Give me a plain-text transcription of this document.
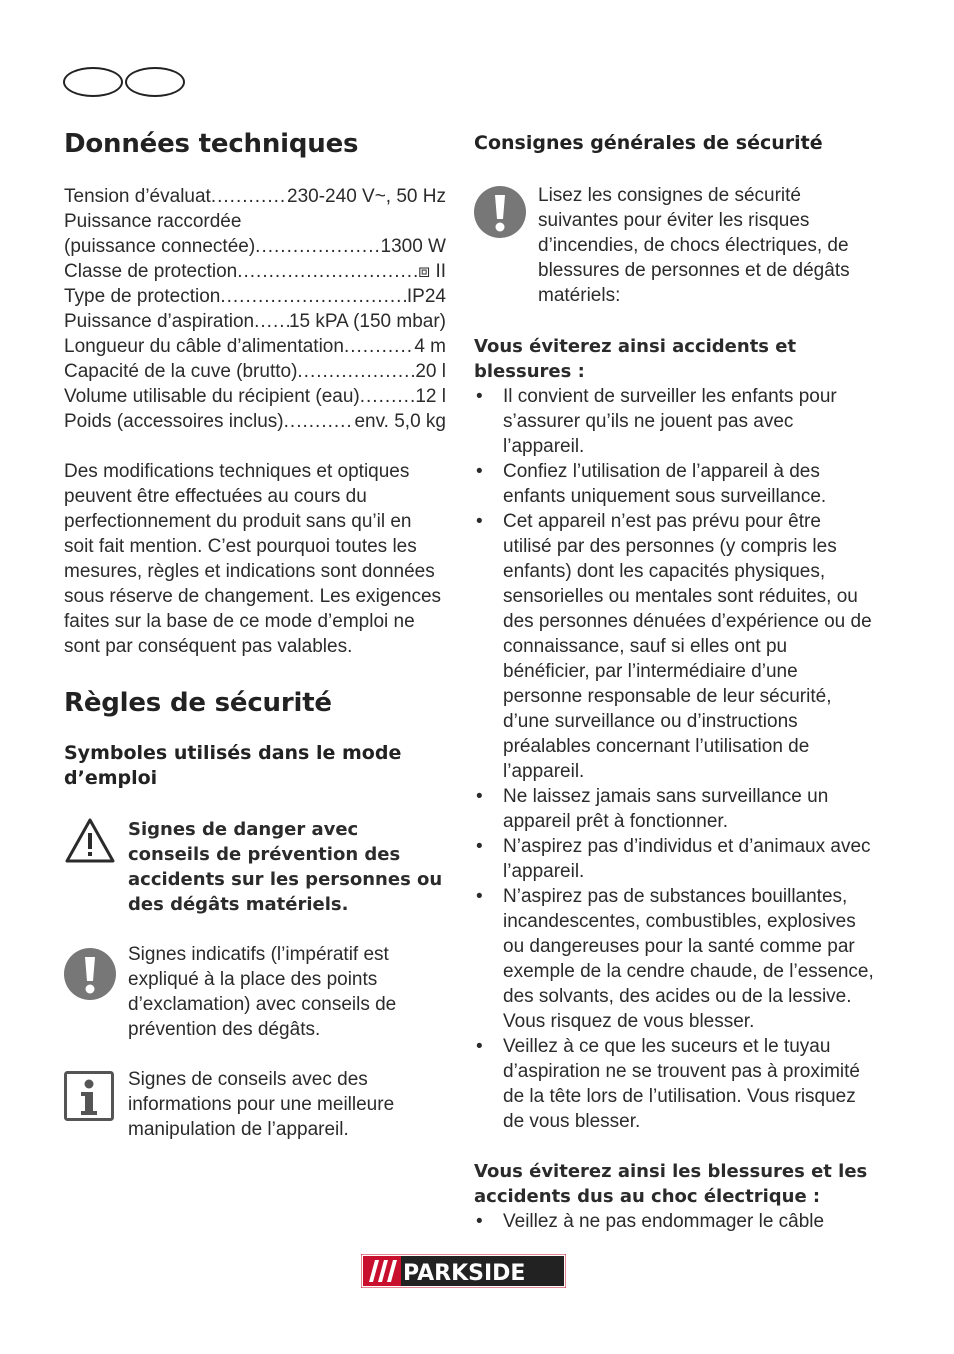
Données techniques
Tension d’évaluat .....	230-240 V~, 50 Hz
Puissance raccordée
(puissance connectée) .....	1300 W
Classe de protection .....	⧈ II
Type de protection .....	IP24
Puissance d’aspiration ..... 15 kPA (150 mbar)
Longueur du câble d’alimentation .....	4 m
Capacité de la cuve (brutto) .....	20 l
Volume utilisable du récipient (eau) .....	12 l
Poids (accessoires inclus) .....	env. 5,0 kg

Des modifications techniques et optiques peuvent être effectuées au cours du perfectionnement du produit sans qu’il en soit fait mention. C’est pourquoi toutes les mesures, règles et indications sont données sous réserve de changement. Les exigences faites sur la base de ce mode d’emploi ne sont par conséquent pas valables.

Règles de sécurité
Symboles utilisés dans le mode d’emploi
Signes de danger avec conseils de prévention des accidents sur les personnes ou des dégâts matériels.
Signes indicatifs (l’impératif est expliqué à la place des points d’exclamation) avec conseils de prévention des dégâts.
Signes de conseils avec des informations pour une meilleure manipulation de l’appareil.
Consignes générales de sécurité
Lisez les consignes de sécurité suivantes pour éviter les risques d’incendies, de chocs électriques, de blessures de personnes et de dégâts matériels:
Vous éviterez ainsi accidents et blessures :
• Il convient de surveiller les enfants pour s’assurer qu’ils ne jouent pas avec l’appareil.
• Confiez l’utilisation de l’appareil à des enfants uniquement sous surveillance.
• Cet appareil n’est pas prévu pour être utilisé par des personnes (y compris les enfants) dont les capacités physiques, sensorielles ou mentales sont réduites, ou des personnes dénuées d’expérience ou de connaissance, sauf si elles ont pu bénéficier, par l’intermédiaire d’une personne responsable de leur sécurité, d’une surveillance ou d’instructions préalables concernant l’utilisation de l’appareil.
• Ne laissez jamais sans surveillance un appareil prêt à fonctionner.
• N’aspirez pas d’individus et d’animaux avec l’appareil.
• N’aspirez pas de substances bouillantes, incandescentes, combustibles, explosives ou dangereuses pour la santé comme par exemple de la cendre chaude, de l’essence, des solvants, des acides ou de la lessive. Vous risquez de vous blesser.
• Veillez à ce que les suceurs et le tuyau d’aspiration ne se trouvent pas à proximité de la tête lors de l’utilisation. Vous risquez de vous blesser.
Vous éviterez ainsi les blessures et les accidents dus au choc électrique :
• Veillez à ne pas endommager le câble
PARKSIDE
